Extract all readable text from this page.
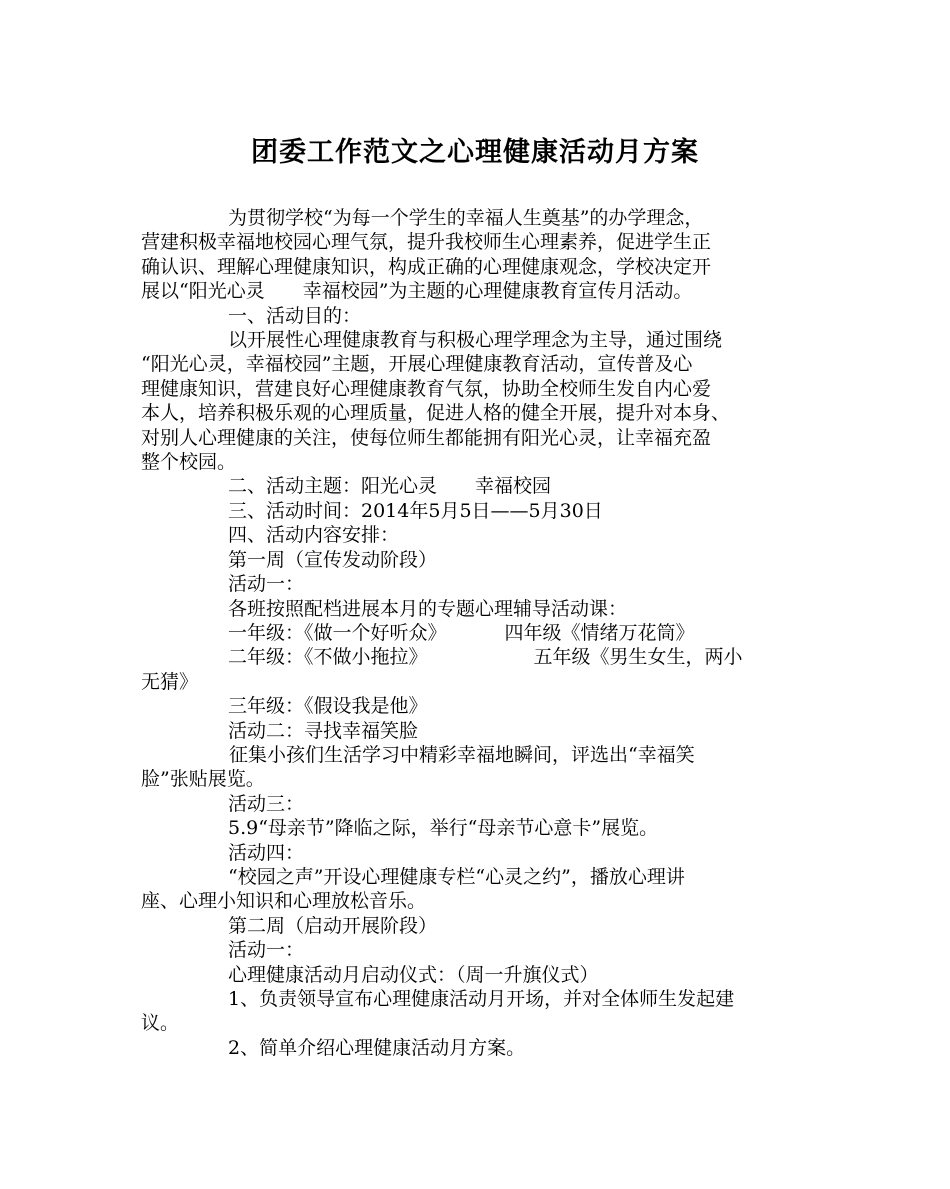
团委工作范文之心理健康活动月方案

为贯彻学校“为每一个学生的幸福人生奠基”的办学理念，

营建积极幸福地校园心理气氛，提升我校师生心理素养，促进学生正

确认识、理解心理健康知识，构成正确的心理健康观念，学校决定开

展以“阳光心灵　　幸福校园”为主题的心理健康教育宣传月活动。

一、活动目的：

以开展性心理健康教育与积极心理学理念为主导，通过围绕

“阳光心灵，幸福校园”主题，开展心理健康教育活动，宣传普及心

理健康知识，营建良好心理健康教育气氛，协助全校师生发自内心爱

本人，培养积极乐观的心理质量，促进人格的健全开展，提升对本身、

对别人心理健康的关注，使每位师生都能拥有阳光心灵，让幸福充盈

整个校园。

二、活动主题：阳光心灵　　幸福校园

三、活动时间：2014年5月5日——5月30日

四、活动内容安排：

第一周（宣传发动阶段）

活动一：

各班按照配档进展本月的专题心理辅导活动课：

一年级：《做一个好听众》	四年级《情绪万花筒》

二年级：《不做小拖拉》	五年级《男生女生，两小

无猜》

三年级：《假设我是他》

活动二：寻找幸福笑脸

征集小孩们生活学习中精彩幸福地瞬间，评选出“幸福笑

脸”张贴展览。

活动三：

5.9“母亲节”降临之际，举行“母亲节心意卡”展览。

活动四：

“校园之声”开设心理健康专栏“心灵之约”，播放心理讲

座、心理小知识和心理放松音乐。

第二周（启动开展阶段）

活动一：

心理健康活动月启动仪式：（周一升旗仪式）

1、负责领导宣布心理健康活动月开场，并对全体师生发起建

议。

2、简单介绍心理健康活动月方案。
